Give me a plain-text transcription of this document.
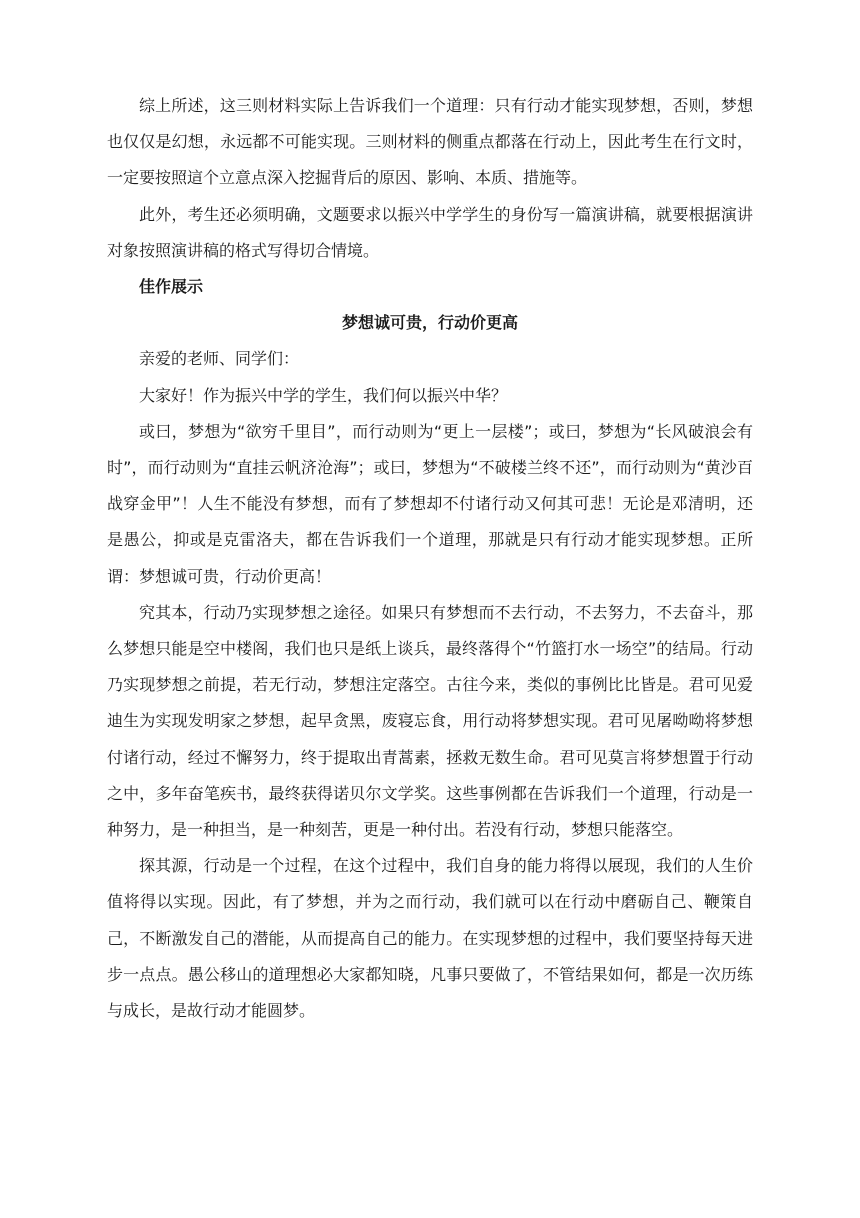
综上所述，这三则材料实际上告诉我们一个道理：只有行动才能实现梦想，否则，梦想也仅仅是幻想，永远都不可能实现。三则材料的侧重点都落在行动上，因此考生在行文时，一定要按照這个立意点深入挖掘背后的原因、影响、本质、措施等。

此外，考生还必须明确，文题要求以振兴中学学生的身份写一篇演讲稿，就要根据演讲对象按照演讲稿的格式写得切合情境。

佳作展示

梦想诚可贵，行动价更高

亲爱的老师、同学们：

大家好！作为振兴中学的学生，我们何以振兴中华？

或曰，梦想为“欲穷千里目”，而行动则为“更上一层楼”；或曰，梦想为“长风破浪会有时”，而行动则为“直挂云帆济沧海”；或曰，梦想为“不破楼兰终不还”，而行动则为“黄沙百战穿金甲”！人生不能没有梦想，而有了梦想却不付诸行动又何其可悲！无论是邓清明，还是愚公，抑或是克雷洛夫，都在告诉我们一个道理，那就是只有行动才能实现梦想。正所谓：梦想诚可贵，行动价更高！

究其本，行动乃实现梦想之途径。如果只有梦想而不去行动，不去努力，不去奋斗，那么梦想只能是空中楼阁，我们也只是纸上谈兵，最终落得个“竹篮打水一场空”的结局。行动乃实现梦想之前提，若无行动，梦想注定落空。古往今来，类似的事例比比皆是。君可见爱迪生为实现发明家之梦想，起早贪黑，废寝忘食，用行动将梦想实现。君可见屠呦呦将梦想付诸行动，经过不懈努力，终于提取出青蒿素，拯救无数生命。君可见莫言将梦想置于行动之中，多年奋笔疾书，最终获得诺贝尔文学奖。这些事例都在告诉我们一个道理，行动是一种努力，是一种担当，是一种刻苦，更是一种付出。若没有行动，梦想只能落空。

探其源，行动是一个过程，在这个过程中，我们自身的能力将得以展现，我们的人生价值将得以实现。因此，有了梦想，并为之而行动，我们就可以在行动中磨砺自己、鞭策自己，不断激发自己的潜能，从而提高自己的能力。在实现梦想的过程中，我们要坚持每天进步一点点。愚公移山的道理想必大家都知晓，凡事只要做了，不管结果如何，都是一次历练与成长，是故行动才能圆梦。
